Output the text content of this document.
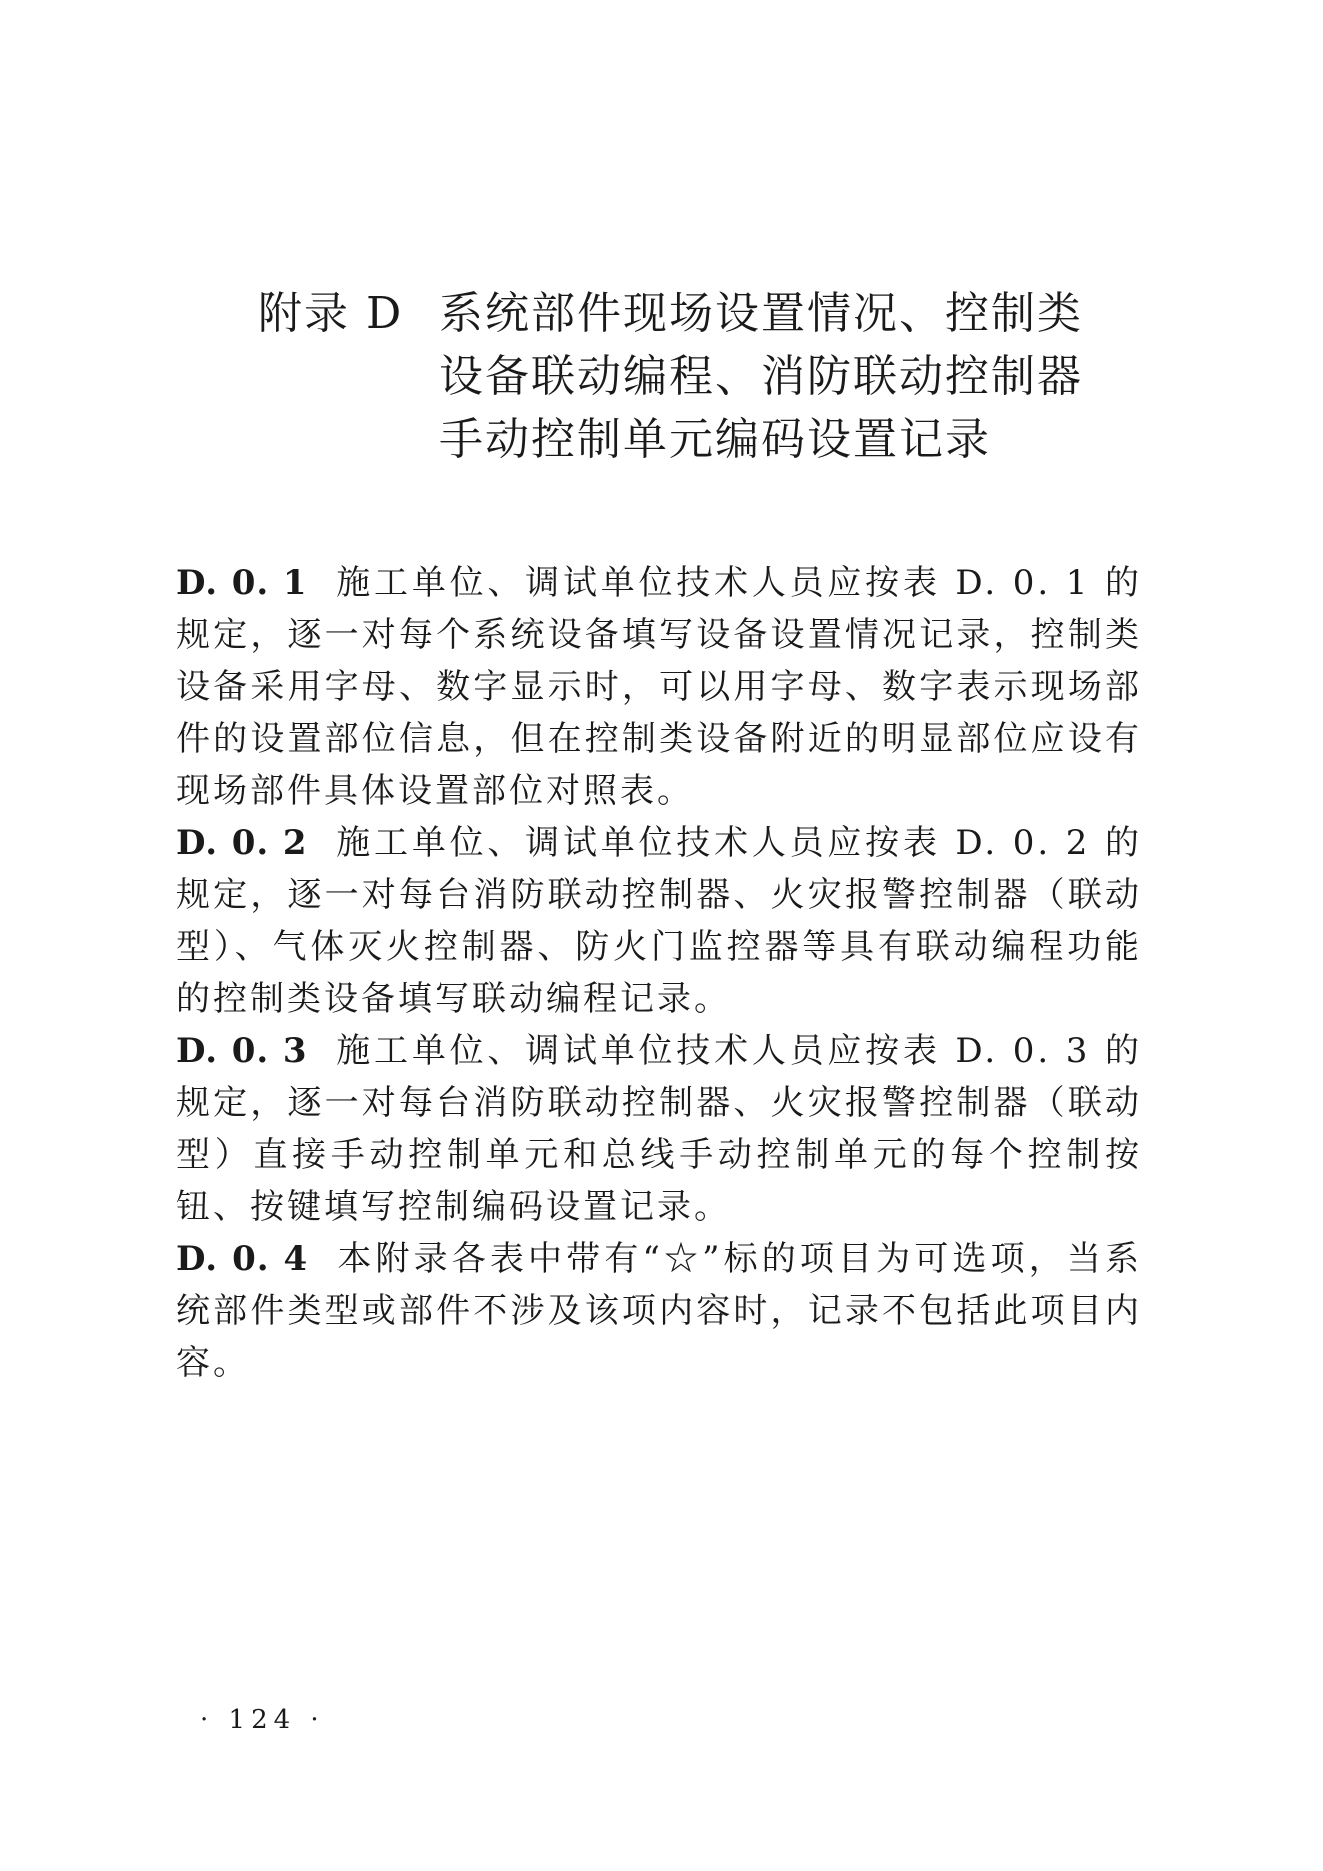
附录 D 系统部件现场设置情况、控制类
设备联动编程、消防联动控制器
手动控制单元编码设置记录

D. 0. 1 施工单位、调试单位技术人员应按表 D. 0. 1 的规定，逐一对每个系统设备填写设备设置情况记录，控制类设备采用字母、数字显示时，可以用字母、数字表示现场部件的设置部位信息，但在控制类设备附近的明显部位应设有现场部件具体设置部位对照表。

D. 0. 2 施工单位、调试单位技术人员应按表 D. 0. 2 的规定，逐一对每台消防联动控制器、火灾报警控制器（联动型）、气体灭火控制器、防火门监控器等具有联动编程功能的控制类设备填写联动编程记录。

D. 0. 3 施工单位、调试单位技术人员应按表 D. 0. 3 的规定，逐一对每台消防联动控制器、火灾报警控制器（联动型）直接手动控制单元和总线手动控制单元的每个控制按钮、按键填写控制编码设置记录。

D. 0. 4 本附录各表中带有“☆”标的项目为可选项，当系统部件类型或部件不涉及该项内容时，记录不包括此项目内容。

· 124 ·
